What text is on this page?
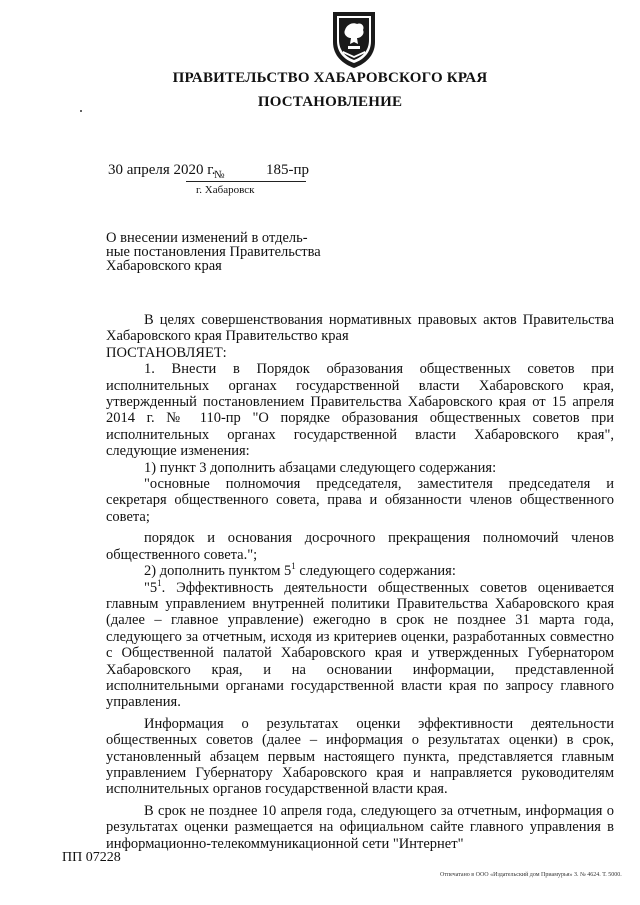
ПРАВИТЕЛЬСТВО ХАБАРОВСКОГО КРАЯ
ПОСТАНОВЛЕНИЕ
30 апреля 2020 г.
№	185-пр
г. Хабаровск
О внесении изменений в отдель-
ные постановления Правительства
Хабаровского края

В целях совершенствования нормативных правовых актов Правительства Хабаровского края Правительство края

ПОСТАНОВЛЯЕТ:

1. Внести в Порядок образования общественных советов при исполнительных органах государственной власти Хабаровского края, утвержденный постановлением Правительства Хабаровского края от 15 апреля 2014 г. № 110-пр "О порядке образования общественных советов при исполнительных органах государственной власти Хабаровского края", следующие изменения:

1) пункт 3 дополнить абзацами следующего содержания:

"основные полномочия председателя, заместителя председателя и секретаря общественного совета, права и обязанности членов общественного совета;

порядок и основания досрочного прекращения полномочий членов общественного совета.";

2) дополнить пунктом $5^1$ следующего содержания:

"$5^1$. Эффективность деятельности общественных советов оценивается главным управлением внутренней политики Правительства Хабаровского края (далее – главное управление) ежегодно в срок не позднее 31 марта года, следующего за отчетным, исходя из критериев оценки, разработанных совместно с Общественной палатой Хабаровского края и утвержденных Губернатором Хабаровского края, и на основании информации, представленной исполнительными органами государственной власти края по запросу главного управления.

Информация о результатах оценки эффективности деятельности общественных советов (далее – информация о результатах оценки) в срок, установленный абзацем первым настоящего пункта, представляется главным управлением Губернатору Хабаровского края и направляется руководителям исполнительных органов государственной власти края.

В срок не позднее 10 апреля года, следующего за отчетным, информация о результатах оценки размещается на официальном сайте главного управления в информационно-телекоммуникационной сети "Интернет"

ПП 07228
Отпечатано в ООО «Издательский дом Приамурья» З. № 4624. Т. 5000.
